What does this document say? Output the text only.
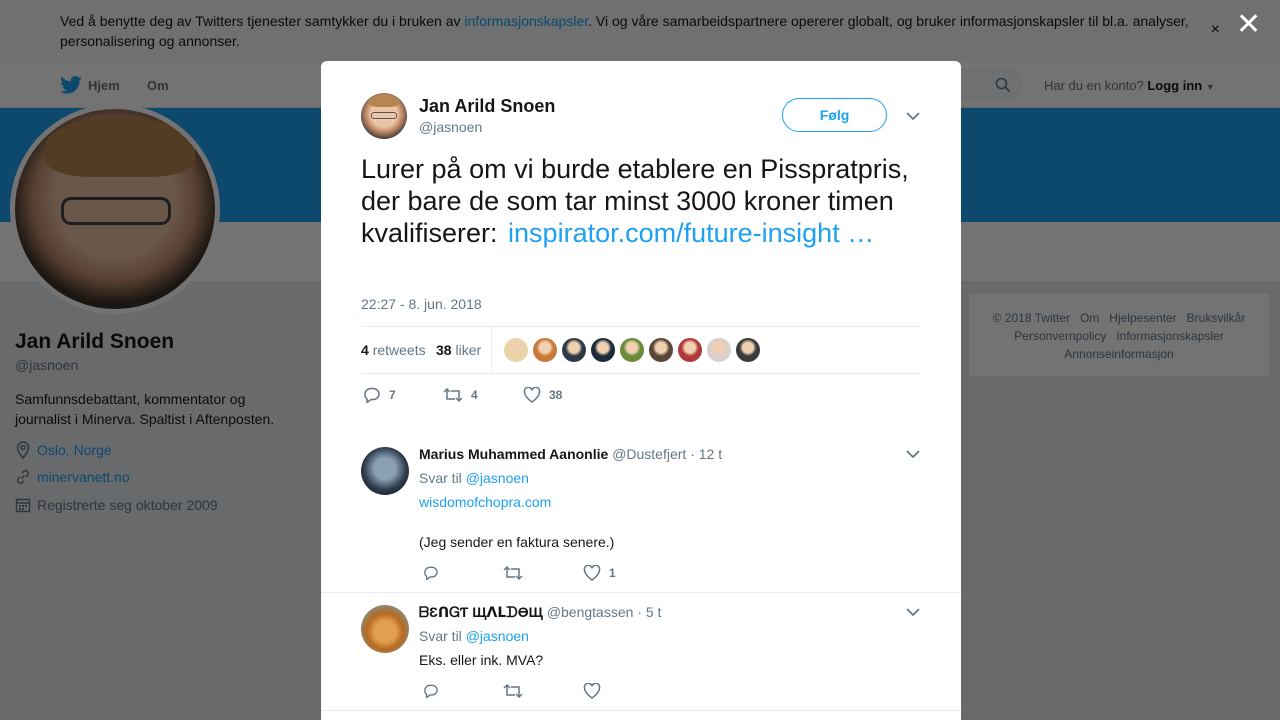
✕
Jan Arild Snoen
@jasnoen
Følg
Lurer på om vi burde etablere en Pisspratpris, der bare de som tar minst 3000 kroner timen kvalifiserer: inspirator.com/future-insight …
22:27 - 8. jun. 2018
4 retweets 38 liker
7	4	38
Marius Muhammed Aanonlie @Dustefjert · 12 t
Svar til @jasnoen
wisdomofchopra.com
(Jeg sender en faktura senere.)
1
ᗷƐᑎᏀƬ ЩᐱᒪᗪӨЩ @bengtassen · 5 t
Svar til @jasnoen
Eks. eller ink. MVA?
